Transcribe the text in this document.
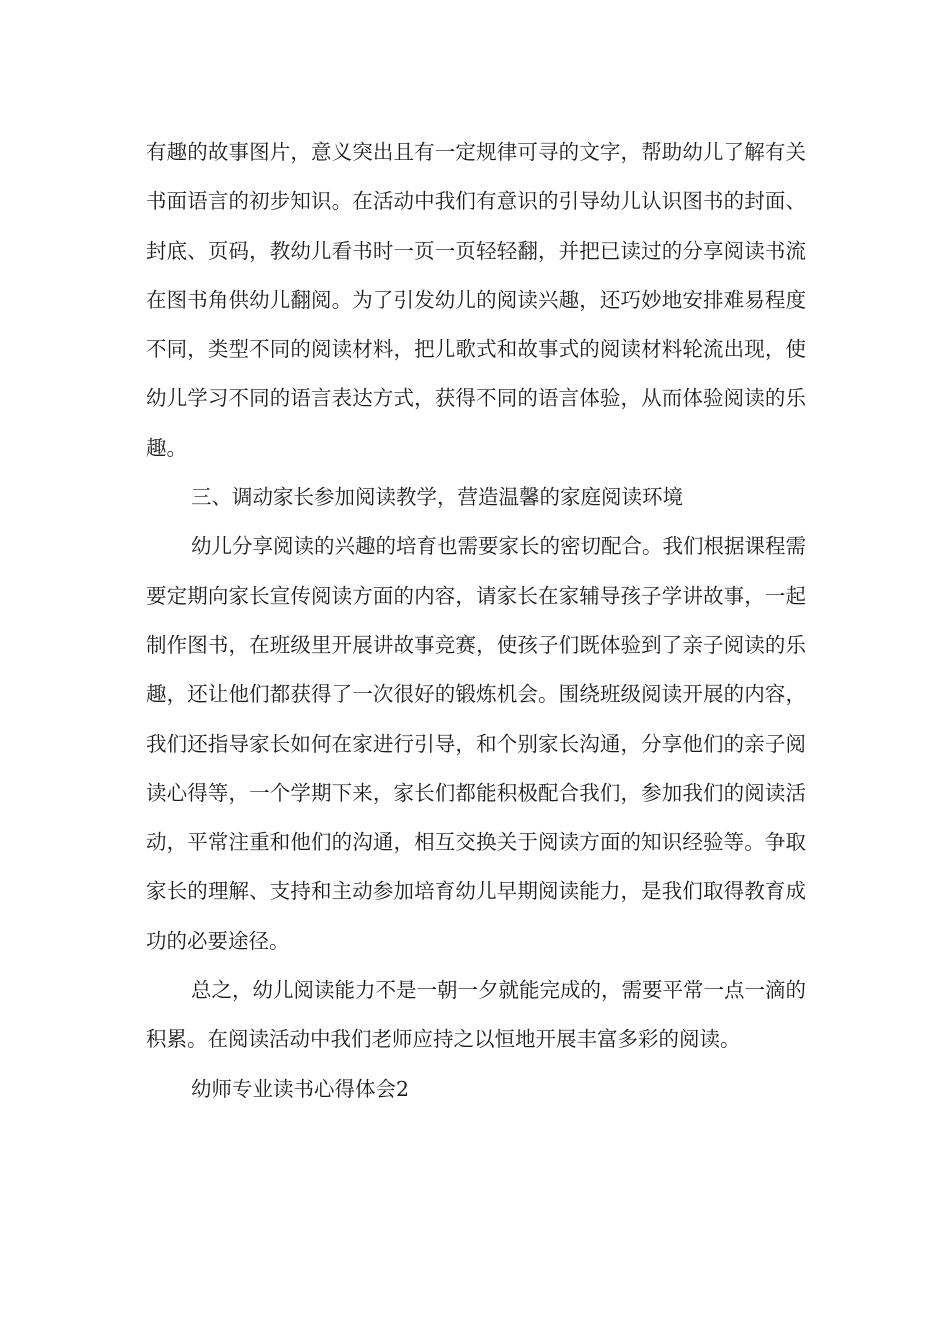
有趣的故事图片，意义突出且有一定规律可寻的文字，帮助幼儿了解有关书面语言的初步知识。在活动中我们有意识的引导幼儿认识图书的封面、封底、页码，教幼儿看书时一页一页轻轻翻，并把已读过的分享阅读书流在图书角供幼儿翻阅。为了引发幼儿的阅读兴趣，还巧妙地安排难易程度不同，类型不同的阅读材料，把儿歌式和故事式的阅读材料轮流出现，使幼儿学习不同的语言表达方式，获得不同的语言体验，从而体验阅读的乐趣。

三、调动家长参加阅读教学，营造温馨的家庭阅读环境

幼儿分享阅读的兴趣的培育也需要家长的密切配合。我们根据课程需要定期向家长宣传阅读方面的内容，请家长在家辅导孩子学讲故事，一起制作图书，在班级里开展讲故事竞赛，使孩子们既体验到了亲子阅读的乐趣，还让他们都获得了一次很好的锻炼机会。围绕班级阅读开展的内容，我们还指导家长如何在家进行引导，和个别家长沟通，分享他们的亲子阅读心得等，一个学期下来，家长们都能积极配合我们，参加我们的阅读活动，平常注重和他们的沟通，相互交换关于阅读方面的知识经验等。争取家长的理解、支持和主动参加培育幼儿早期阅读能力，是我们取得教育成功的必要途径。

总之，幼儿阅读能力不是一朝一夕就能完成的，需要平常一点一滴的积累。在阅读活动中我们老师应持之以恒地开展丰富多彩的阅读。

幼师专业读书心得体会2
